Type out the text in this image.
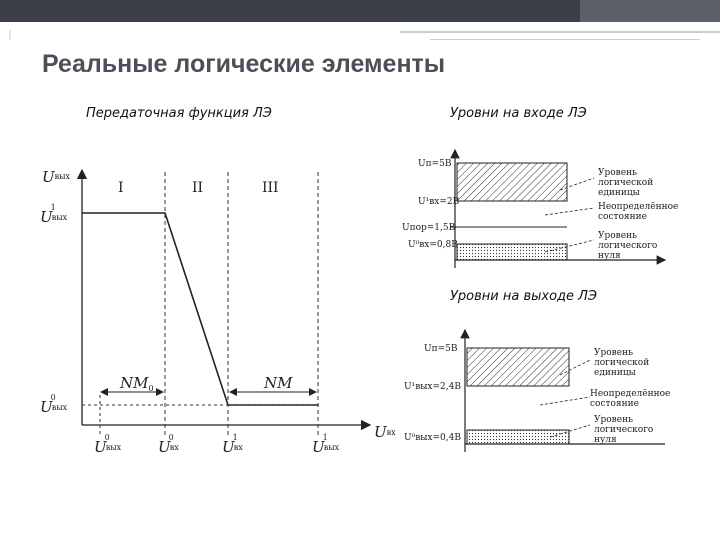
Реальные логические элементы
Передаточная функция ЛЭ	Уровни на входе ЛЭ
Уровни на выходе ЛЭ
Uвых
U1 вых
U0 вых
Uвх
I	II	III
NM0	NM
U0 вых U0 вх	U1 вх	U1 вых
Uп=5В
U¹вх=2В
Uпор=1,5В
U⁰вх=0,8В
Уровень логической единицы
Неопределённое состояние
Уровень логического нуля
Uп=5В
U¹вых=2,4В
U⁰вых=0,4В
Уровень логической единицы
Неопределённое состояние
Уровень логического нуля
